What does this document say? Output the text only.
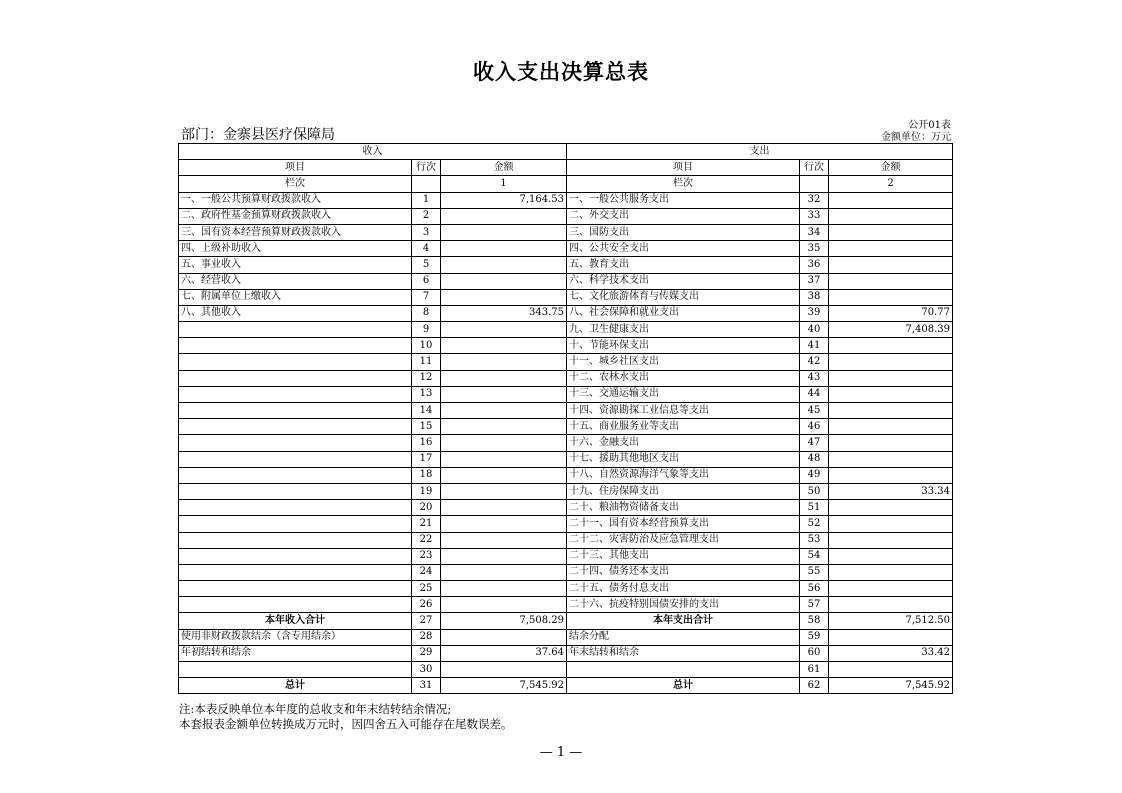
收入支出决算总表
公开01表
部门：金寨县医疗保障局	金额单位：万元
收入			支出		
项目	行次	金额	项目	行次	金额
栏次		1	栏次		2
一、一般公共预算财政拨款收入	1	7,164.53	一、一般公共服务支出	32	
二、政府性基金预算财政拨款收入	2		二、外交支出	33	
三、国有资本经营预算财政拨款收入	3		三、国防支出	34	
四、上级补助收入	4		四、公共安全支出	35	
五、事业收入	5		五、教育支出	36	
六、经营收入	6		六、科学技术支出	37	
七、附属单位上缴收入	7		七、文化旅游体育与传媒支出	38	
八、其他收入	8	343.75	八、社会保障和就业支出	39	70.77
	9		九、卫生健康支出	40	7,408.39
	10		十、节能环保支出	41	
	11		十一、城乡社区支出	42	
	12		十二、农林水支出	43	
	13		十三、交通运输支出	44	
	14		十四、资源勘探工业信息等支出	45	
	15		十五、商业服务业等支出	46	
	16		十六、金融支出	47	
	17		十七、援助其他地区支出	48	
	18		十八、自然资源海洋气象等支出	49	
	19		十九、住房保障支出	50	33.34
	20		二十、粮油物资储备支出	51	
	21		二十一、国有资本经营预算支出	52	
	22		二十二、灾害防治及应急管理支出	53	
	23		二十三、其他支出	54	
	24		二十四、债务还本支出	55	
	25		二十五、债务付息支出	56	
	26		二十六、抗疫特别国债安排的支出	57	
本年收入合计	27	7,508.29	本年支出合计	58	7,512.50
使用非财政拨款结余（含专用结余）	28		结余分配	59	
年初结转和结余	29	37.64	年末结转和结余	60	33.42
	30			61	
总计	31	7,545.92	总计	62	7,545.92
注:本表反映单位本年度的总收支和年末结转结余情况;
本套报表金额单位转换成万元时，因四舍五入可能存在尾数误差。
— 1 —
